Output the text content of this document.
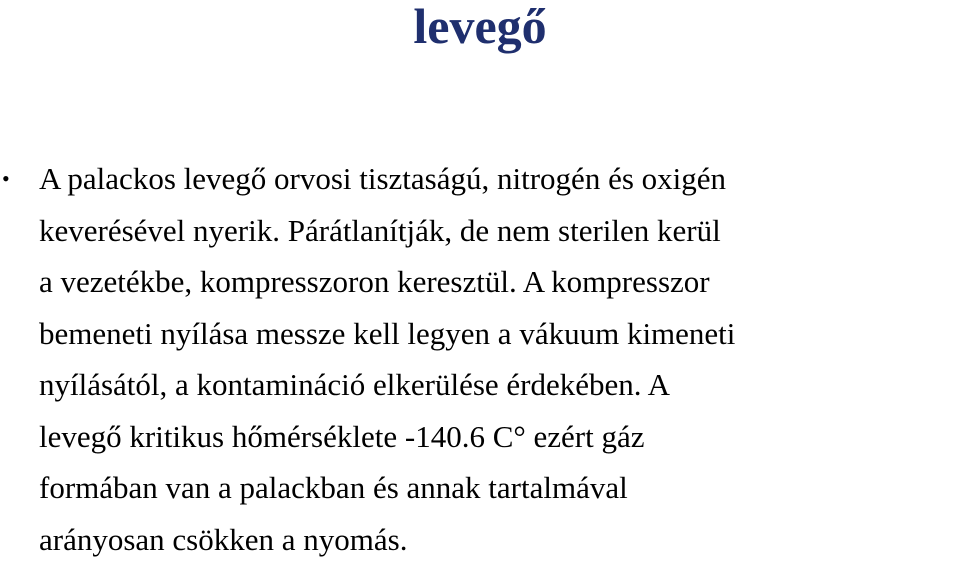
levegő
• A palackos levegő orvosi tisztaságú, nitrogén és oxigén
keverésével nyerik. Párátlanítják, de nem sterilen kerül
a vezetékbe, kompresszoron keresztül. A kompresszor
bemeneti nyílása messze kell legyen a vákuum kimeneti
nyílásától, a kontamináció elkerülése érdekében. A
levegő kritikus hőmérséklete -140.6 C° ezért gáz
formában van a palackban és annak tartalmával
arányosan csökken a nyomás.
